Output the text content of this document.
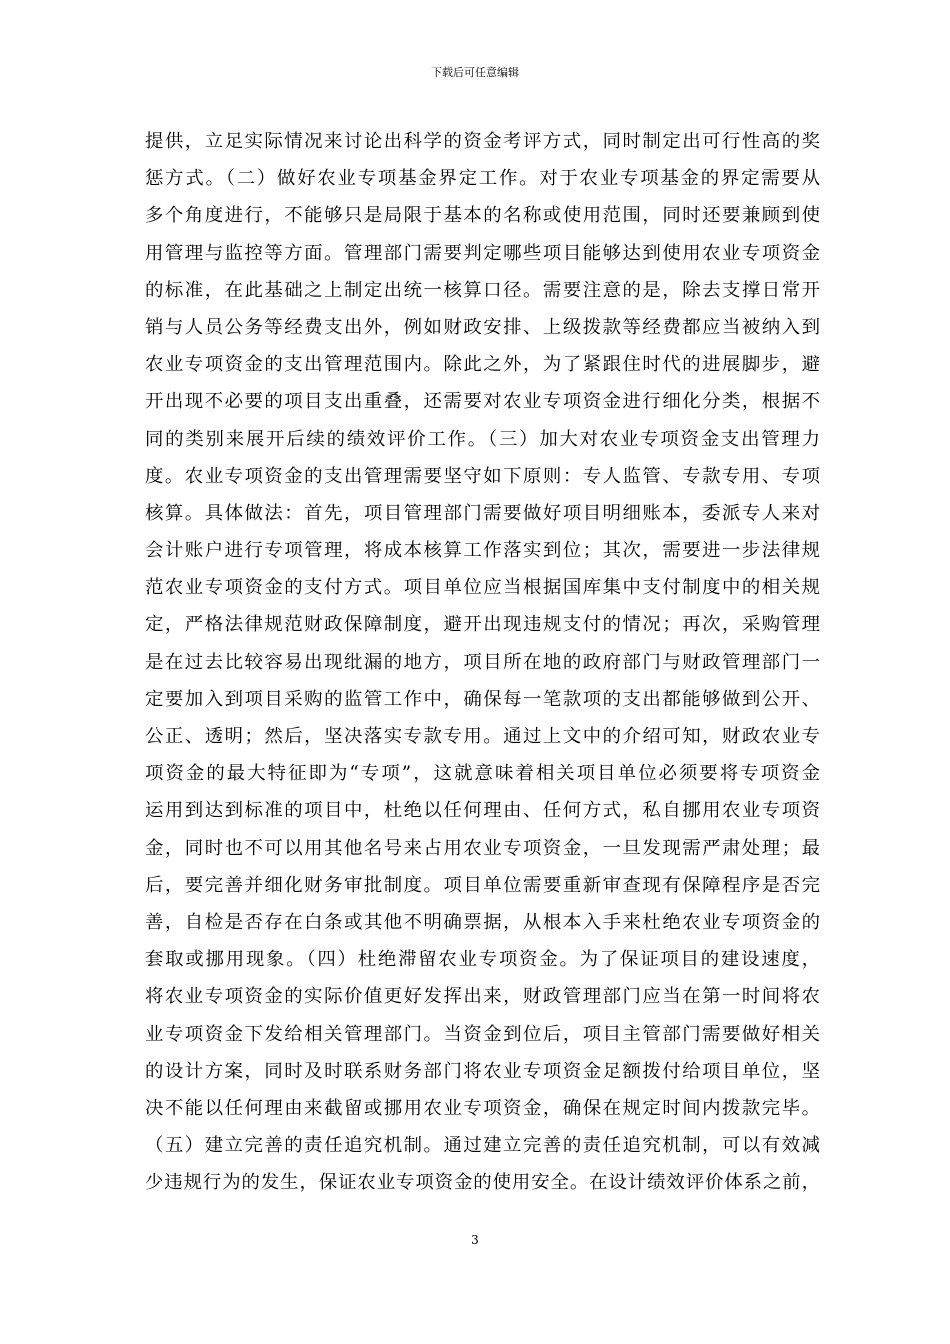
下载后可任意编辑
提供，立足实际情况来讨论出科学的资金考评方式，同时制定出可行性高的奖
惩方式。（二）做好农业专项基金界定工作。对于农业专项基金的界定需要从
多个角度进行，不能够只是局限于基本的名称或使用范围，同时还要兼顾到使
用管理与监控等方面。管理部门需要判定哪些项目能够达到使用农业专项资金
的标准，在此基础之上制定出统一核算口径。需要注意的是，除去支撑日常开
销与人员公务等经费支出外，例如财政安排、上级拨款等经费都应当被纳入到
农业专项资金的支出管理范围内。除此之外，为了紧跟住时代的进展脚步，避
开出现不必要的项目支出重叠，还需要对农业专项资金进行细化分类，根据不
同的类别来展开后续的绩效评价工作。（三）加大对农业专项资金支出管理力
度。农业专项资金的支出管理需要坚守如下原则：专人监管、专款专用、专项
核算。具体做法：首先，项目管理部门需要做好项目明细账本，委派专人来对
会计账户进行专项管理，将成本核算工作落实到位；其次，需要进一步法律规
范农业专项资金的支付方式。项目单位应当根据国库集中支付制度中的相关规
定，严格法律规范财政保障制度，避开出现违规支付的情况；再次，采购管理
是在过去比较容易出现纰漏的地方，项目所在地的政府部门与财政管理部门一
定要加入到项目采购的监管工作中，确保每一笔款项的支出都能够做到公开、
公正、透明；然后，坚决落实专款专用。通过上文中的介绍可知，财政农业专
项资金的最大特征即为“专项”，这就意味着相关项目单位必须要将专项资金
运用到达到标准的项目中，杜绝以任何理由、任何方式，私自挪用农业专项资
金，同时也不可以用其他名号来占用农业专项资金，一旦发现需严肃处理；最
后，要完善并细化财务审批制度。项目单位需要重新审查现有保障程序是否完
善，自检是否存在白条或其他不明确票据，从根本入手来杜绝农业专项资金的
套取或挪用现象。（四）杜绝滞留农业专项资金。为了保证项目的建设速度，
将农业专项资金的实际价值更好发挥出来，财政管理部门应当在第一时间将农
业专项资金下发给相关管理部门。当资金到位后，项目主管部门需要做好相关
的设计方案，同时及时联系财务部门将农业专项资金足额拨付给项目单位，坚
决不能以任何理由来截留或挪用农业专项资金，确保在规定时间内拨款完毕。
（五）建立完善的责任追究机制。通过建立完善的责任追究机制，可以有效减
少违规行为的发生，保证农业专项资金的使用安全。在设计绩效评价体系之前，
3
